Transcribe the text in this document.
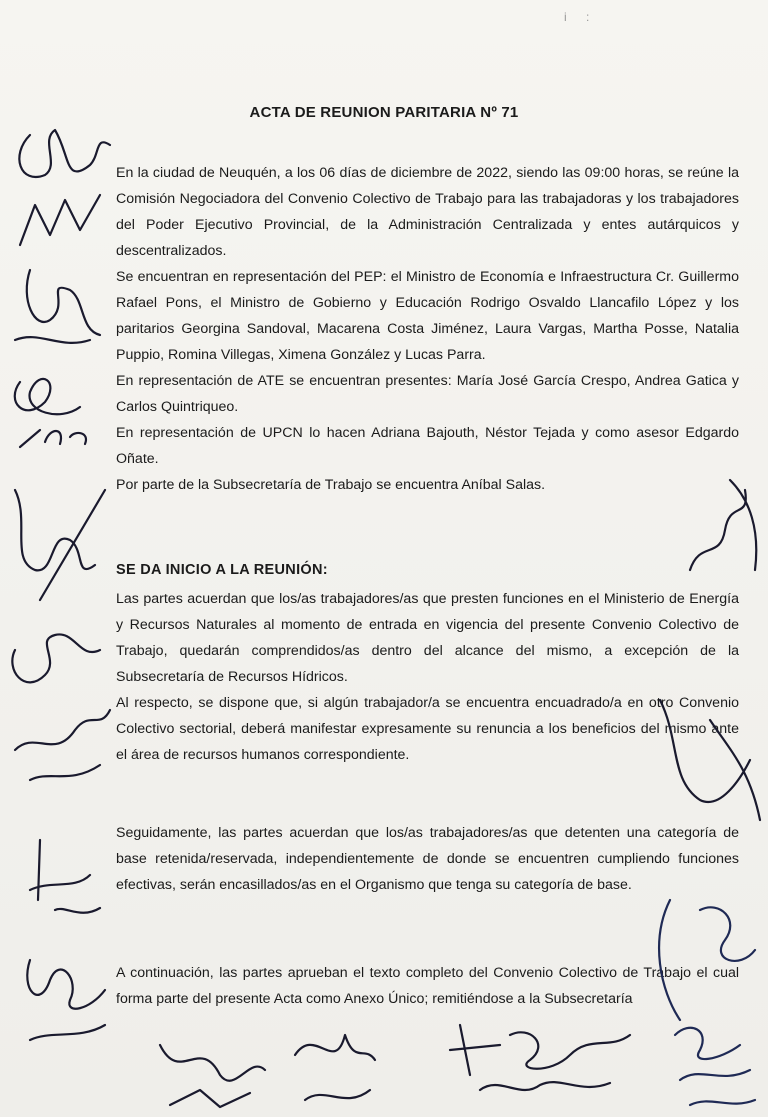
i :
ACTA DE REUNION PARITARIA Nº 71

En la ciudad de Neuquén, a los 06 días de diciembre de 2022, siendo las 09:00 horas, se reúne la Comisión Negociadora del Convenio Colectivo de Trabajo para las trabajadoras y los trabajadores del Poder Ejecutivo Provincial, de la Administración Centralizada y entes autárquicos y descentralizados.

Se encuentran en representación del PEP: el Ministro de Economía e Infraestructura Cr. Guillermo Rafael Pons, el Ministro de Gobierno y Educación Rodrigo Osvaldo Llancafilo López y los paritarios Georgina Sandoval, Macarena Costa Jiménez, Laura Vargas, Martha Posse, Natalia Puppio, Romina Villegas, Ximena González y Lucas Parra.

En representación de ATE se encuentran presentes: María José García Crespo, Andrea Gatica y Carlos Quintriqueo.

En representación de UPCN lo hacen Adriana Bajouth, Néstor Tejada y como asesor Edgardo Oñate.

Por parte de la Subsecretaría de Trabajo se encuentra Aníbal Salas.

SE DA INICIO A LA REUNIÓN:

Las partes acuerdan que los/as trabajadores/as que presten funciones en el Ministerio de Energía y Recursos Naturales al momento de entrada en vigencia del presente Convenio Colectivo de Trabajo, quedarán comprendidos/as dentro del alcance del mismo, a excepción de la Subsecretaría de Recursos Hídricos.

Al respecto, se dispone que, si algún trabajador/a se encuentra encuadrado/a en otro Convenio Colectivo sectorial, deberá manifestar expresamente su renuncia a los beneficios del mismo ante el área de recursos humanos correspondiente.

Seguidamente, las partes acuerdan que los/as trabajadores/as que detenten una categoría de base retenida/reservada, independientemente de donde se encuentren cumpliendo funciones efectivas, serán encasillados/as en el Organismo que tenga su categoría de base.

A continuación, las partes aprueban el texto completo del Convenio Colectivo de Trabajo el cual forma parte del presente Acta como Anexo Único; remitiéndose a la Subsecretaría
